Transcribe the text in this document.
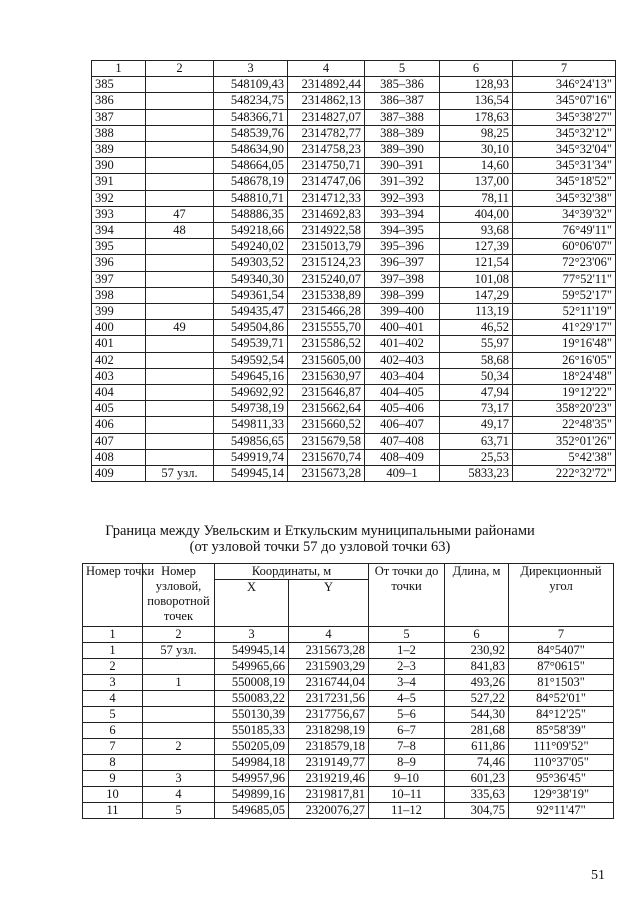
1	2	3	4	5	6	7
385		548109,43	2314892,44	385–386	128,93	346°24'13"
386		548234,75	2314862,13	386–387	136,54	345°07'16"
387		548366,71	2314827,07	387–388	178,63	345°38'27"
388		548539,76	2314782,77	388–389	98,25	345°32'12"
389		548634,90	2314758,23	389–390	30,10	345°32'04"
390		548664,05	2314750,71	390–391	14,60	345°31'34"
391		548678,19	2314747,06	391–392	137,00	345°18'52"
392		548810,71	2314712,33	392–393	78,11	345°32'38"
393	47	548886,35	2314692,83	393–394	404,00	34°39'32"
394	48	549218,66	2314922,58	394–395	93,68	76°49'11"
395		549240,02	2315013,79	395–396	127,39	60°06'07"
396		549303,52	2315124,23	396–397	121,54	72°23'06"
397		549340,30	2315240,07	397–398	101,08	77°52'11"
398		549361,54	2315338,89	398–399	147,29	59°52'17"
399		549435,47	2315466,28	399–400	113,19	52°11'19"
400	49	549504,86	2315555,70	400–401	46,52	41°29'17"
401		549539,71	2315586,52	401–402	55,97	19°16'48"
402		549592,54	2315605,00	402–403	58,68	26°16'05"
403		549645,16	2315630,97	403–404	50,34	18°24'48"
404		549692,92	2315646,87	404–405	47,94	19°12'22"
405		549738,19	2315662,64	405–406	73,17	358°20'23"
406		549811,33	2315660,52	406–407	49,17	22°48'35"
407		549856,65	2315679,58	407–408	63,71	352°01'26"
408		549919,74	2315670,74	408–409	25,53	5°42'38"
409	57 узл.	549945,14	2315673,28	409–1	5833,23	222°32'72"
Граница между Увельским и Еткульским муниципальными районами
(от узловой точки 57 до узловой точки 63)
Номер точки	Номер узловой, поворотной точек	Координаты, м		От точки до точки	Длина, м	Дирекционный угол
		X	Y			
1	2	3	4	5	6	7
1	57 узл.	549945,14	2315673,28	1–2	230,92	84°5407"
2		549965,66	2315903,29	2–3	841,83	87°0615"
3	1	550008,19	2316744,04	3–4	493,26	81°1503"
4		550083,22	2317231,56	4–5	527,22	84°52'01"
5		550130,39	2317756,67	5–6	544,30	84°12'25"
6		550185,33	2318298,19	6–7	281,68	85°58'39"
7	2	550205,09	2318579,18	7–8	611,86	111°09'52"
8		549984,18	2319149,77	8–9	74,46	110°37'05"
9	3	549957,96	2319219,46	9–10	601,23	95°36'45"
10	4	549899,16	2319817,81	10–11	335,63	129°38'19"
11	5	549685,05	2320076,27	11–12	304,75	92°11'47"
51
